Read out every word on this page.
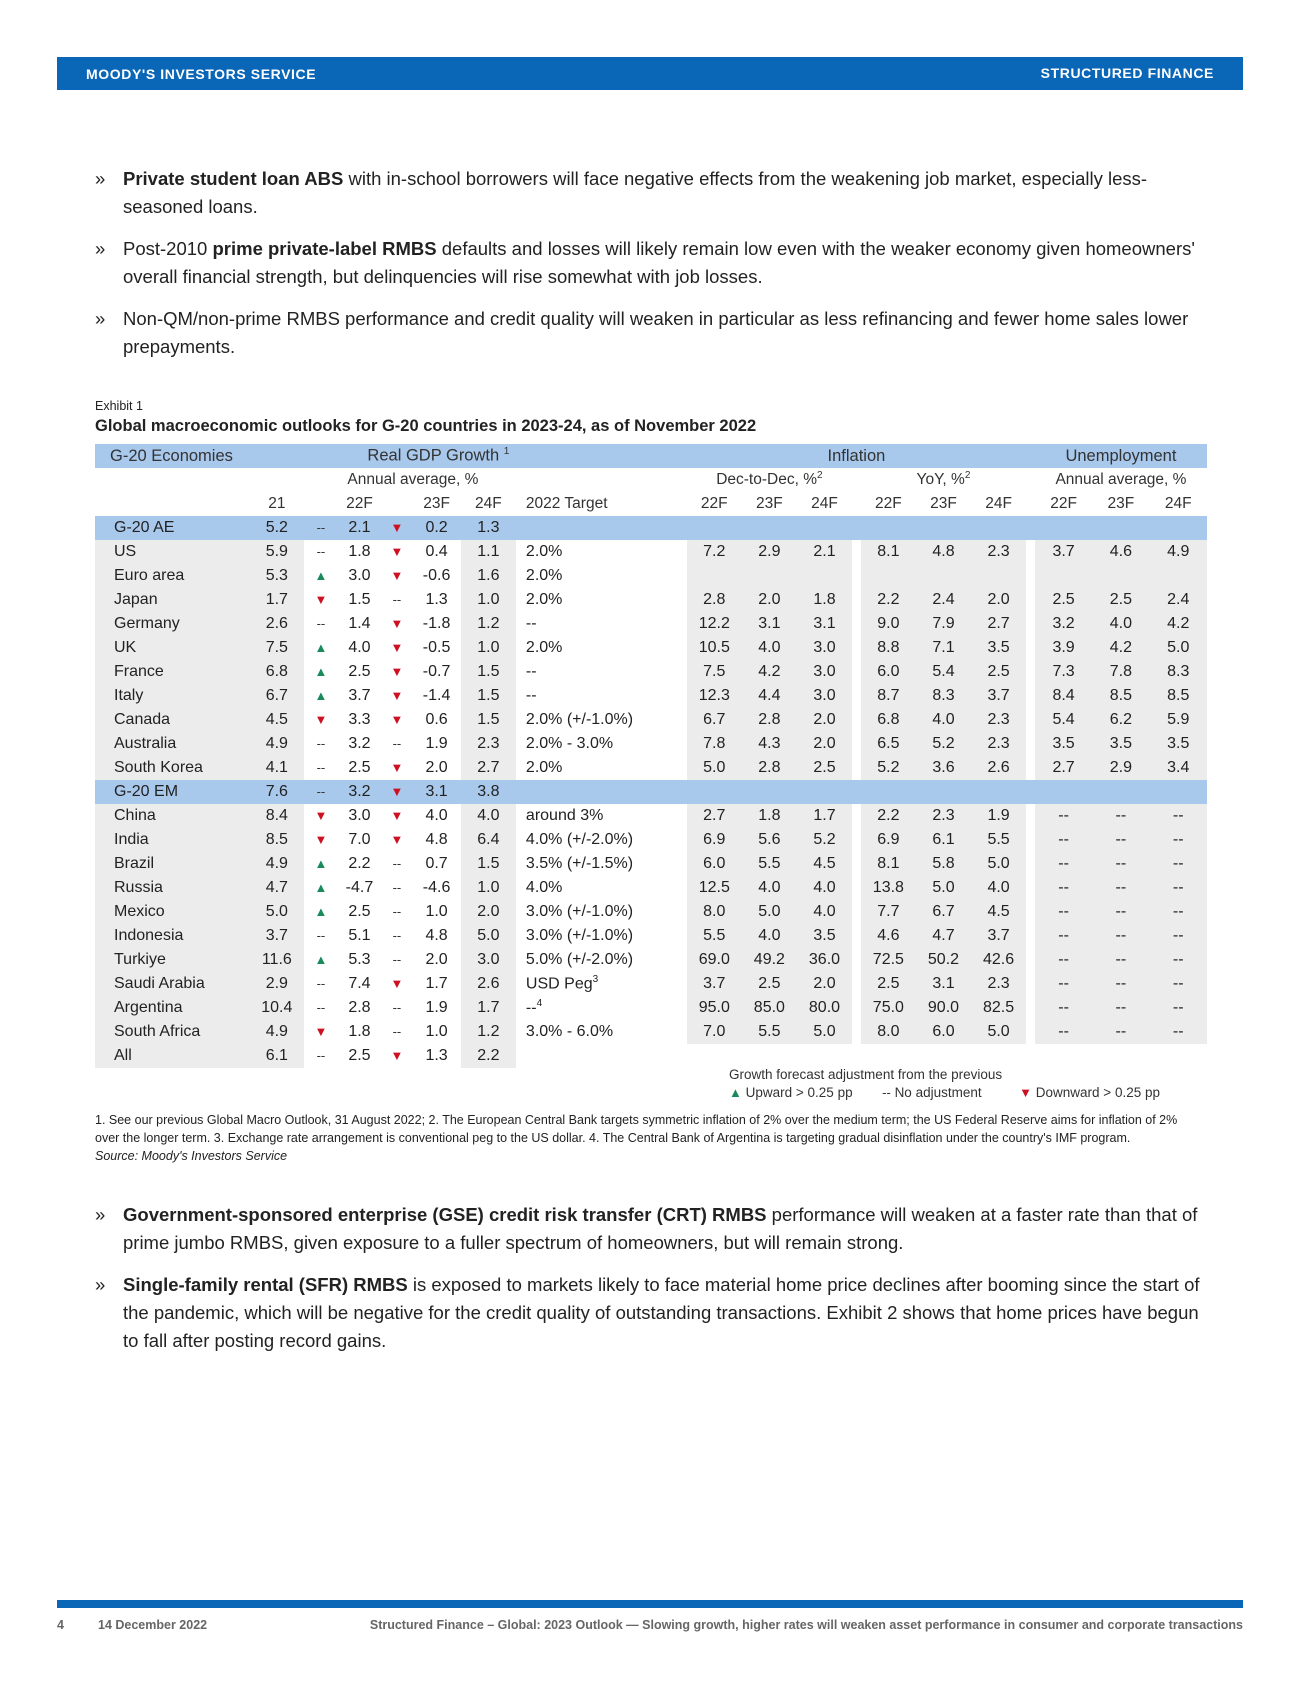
MOODY'S INVESTORS SERVICE	STRUCTURED FINANCE
» Private student loan ABS with in-school borrowers will face negative effects from the weakening job market, especially less-seasoned loans.
» Post-2010 prime private-label RMBS defaults and losses will likely remain low even with the weaker economy given homeowners' overall financial strength, but delinquencies will rise somewhat with job losses.
» Non-QM/non-prime RMBS performance and credit quality will weaken in particular as less refinancing and fewer home sales lower prepayments.
Exhibit 1
Global macroeconomic outlooks for G-20 countries in 2023-24, as of November 2022
G-20 Economies			Real GDP Growth $^1$					Inflation								Unemployment		
			Annual average, %					Dec-to-Dec, %$^2$				YoY, %$^2$				Annual average, %		
	21		22F		23F	24F	2022 Target	22F	23F	24F		22F	23F	24F		22F	23F	24F
G-20 AE	5.2	--	2.1	▼	0.2	1.3												
US	5.9	--	1.8	▼	0.4	1.1	2.0%	7.2	2.9	2.1		8.1	4.8	2.3		3.7	4.6	4.9
Euro area	5.3	▲	3.0	▼	-0.6	1.6	2.0%											
Japan	1.7	▼	1.5	--	1.3	1.0	2.0%	2.8	2.0	1.8		2.2	2.4	2.0		2.5	2.5	2.4
Germany	2.6	--	1.4	▼	-1.8	1.2	--	12.2	3.1	3.1		9.0	7.9	2.7		3.2	4.0	4.2
UK	7.5	▲	4.0	▼	-0.5	1.0	2.0%	10.5	4.0	3.0		8.8	7.1	3.5		3.9	4.2	5.0
France	6.8	▲	2.5	▼	-0.7	1.5	--	7.5	4.2	3.0		6.0	5.4	2.5		7.3	7.8	8.3
Italy	6.7	▲	3.7	▼	-1.4	1.5	--	12.3	4.4	3.0		8.7	8.3	3.7		8.4	8.5	8.5
Canada	4.5	▼	3.3	▼	0.6	1.5	2.0% (+/-1.0%)	6.7	2.8	2.0		6.8	4.0	2.3		5.4	6.2	5.9
Australia	4.9	--	3.2	--	1.9	2.3	2.0% - 3.0%	7.8	4.3	2.0		6.5	5.2	2.3		3.5	3.5	3.5
South Korea	4.1	--	2.5	▼	2.0	2.7	2.0%	5.0	2.8	2.5		5.2	3.6	2.6		2.7	2.9	3.4

G-20 EM	7.6	--	3.2	▼	3.1	3.8												
China	8.4	▼	3.0	▼	4.0	4.0	around 3%	2.7	1.8	1.7		2.2	2.3	1.9		--	--	--
India	8.5	▼	7.0	▼	4.8	6.4	4.0% (+/-2.0%)	6.9	5.6	5.2		6.9	6.1	5.5		--	--	--
Brazil	4.9	▲	2.2	--	0.7	1.5	3.5% (+/-1.5%)	6.0	5.5	4.5		8.1	5.8	5.0		--	--	--
Russia	4.7	▲	-4.7	--	-4.6	1.0	4.0%	12.5	4.0	4.0		13.8	5.0	4.0		--	--	--
Mexico	5.0	▲	2.5	--	1.0	2.0	3.0% (+/-1.0%)	8.0	5.0	4.0		7.7	6.7	4.5		--	--	--
Indonesia	3.7	--	5.1	--	4.8	5.0	3.0% (+/-1.0%)	5.5	4.0	3.5		4.6	4.7	3.7		--	--	--
Turkiye	11.6	▲	5.3	--	2.0	3.0	5.0% (+/-2.0%)	69.0	49.2	36.0		72.5	50.2	42.6		--	--	--
Saudi Arabia	2.9	--	7.4	▼	1.7	2.6	USD Peg$^3$	3.7	2.5	2.0		2.5	3.1	2.3		--	--	--
Argentina	10.4	--	2.8	--	1.9	1.7	--$^4$	95.0	85.0	80.0		75.0	90.0	82.5		--	--	--
South Africa	4.9	▼	1.8	--	1.0	1.2	3.0% - 6.0%	7.0	5.5	5.0		8.0	6.0	5.0		--	--	--

All	6.1	--	2.5	▼	1.3	2.2												
Growth forecast adjustment from the previous
▲ Upward > 0.25 pp -- No adjustment	▼ Downward > 0.25 pp
1. See our previous Global Macro Outlook, 31 August 2022; 2. The European Central Bank targets symmetric inflation of 2% over the medium term; the US Federal Reserve aims for inflation of 2% over the longer term. 3. Exchange rate arrangement is conventional peg to the US dollar. 4. The Central Bank of Argentina is targeting gradual disinflation under the country's IMF program.
Source: Moody's Investors Service
» Government-sponsored enterprise (GSE) credit risk transfer (CRT) RMBS performance will weaken at a faster rate than that of prime jumbo RMBS, given exposure to a fuller spectrum of homeowners, but will remain strong.
» Single-family rental (SFR) RMBS is exposed to markets likely to face material home price declines after booming since the start of the pandemic, which will be negative for the credit quality of outstanding transactions. Exhibit 2 shows that home prices have begun to fall after posting record gains.
4	14 December 2022	Structured Finance – Global: 2023 Outlook — Slowing growth, higher rates will weaken asset performance in consumer and corporate transactions
